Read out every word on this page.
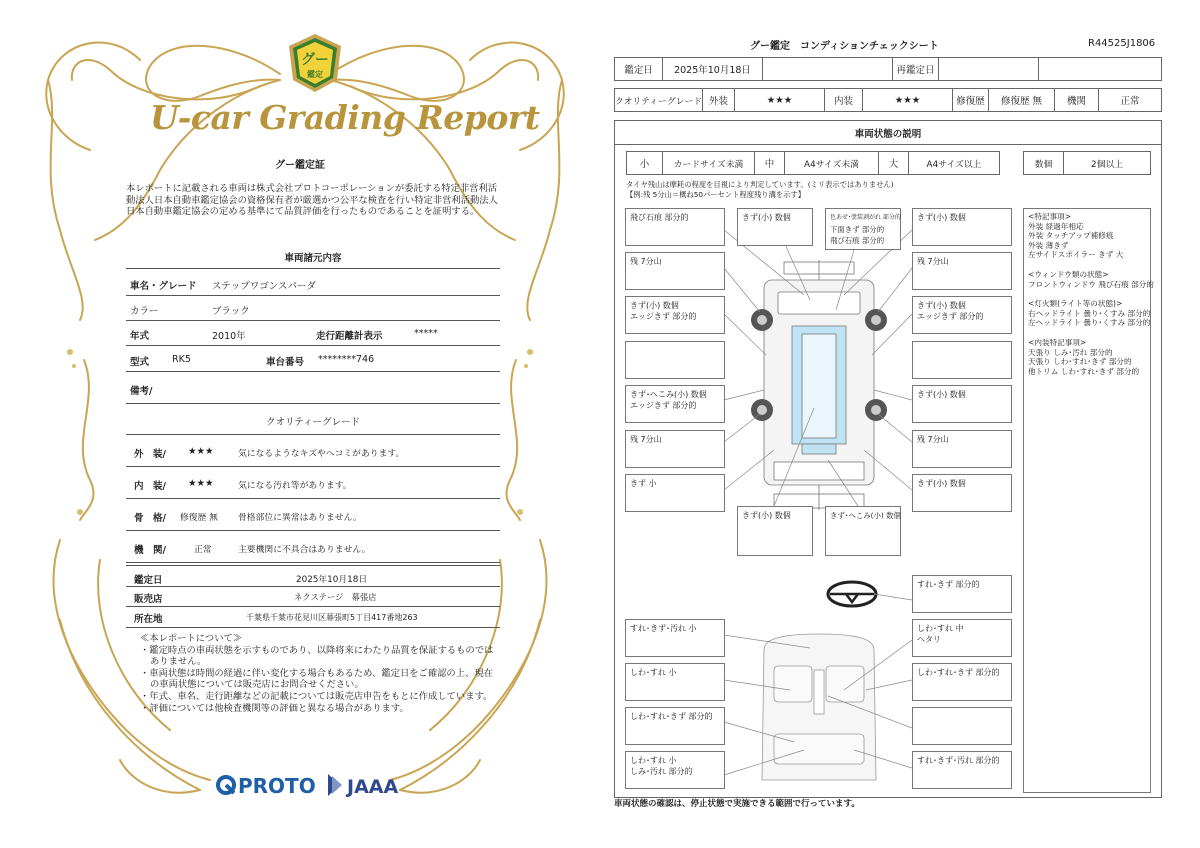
グー
鑑定
U-car Grading Report
グー鑑定証
本レポートに記載される車両は株式会社プロトコーポレーションが委託する特定非営利活動法人日本自動車鑑定協会の資格保有者が厳選かつ公平な検査を行い特定非営利活動法人日本自動車鑑定協会の定める基準にて品質評価を行ったものであることを証明する。
車両諸元内容
車名・グレード ステップワゴンスパーダ
カラー	ブラック
年式	2010年	走行距離計表示	*****
型式 RK5	車台番号 ********746
備考/
クオリティーグレード
外　装/ ★★★	気になるようなキズやヘコミがあります。
内　装/ ★★★	気になる汚れ等があります。
骨　格/ 修復歴 無 骨格部位に異常はありません。
機　関/	正常	主要機関に不具合はありません。
鑑定日	2025年10月18日
販売店	ネクステージ　幕張店
所在地	千葉県千葉市花見川区幕張町5丁目417番地263
≪本レポートについて≫
・鑑定時点の車両状態を示すものであり、以降将来にわたり品質を保証するものではありません。
・車両状態は時間の経過に伴い変化する場合もあるため、鑑定日をご確認の上、現在の車両状態については販売店にお問合せください。
・年式、車名、走行距離などの記載については販売店申告をもとに作成しています。
・評価については他検査機関等の評価と異なる場合があります。
PROTO JAAA
グー鑑定　コンディションチェックシート	R44525J1806
鑑定日	2025年10月18日	再鑑定日
クオリティーグレード 外装	★★★	内装	★★★	修復歴	修復歴 無	機関	正常
車両状態の説明
小	カードサイズ未満	中	A4サイズ未満	大	A4サイズ以上	数個	2個以上
タイヤ残山は摩耗の程度を目視により判定しています。(ミリ表示ではありません)
【例:残 5分山＝概ね50パーセント程度残り溝を示す】
飛び石痕 部分的
残 7分山
きず(小) 数個
エッジきず 部分的
きず･へこみ(小) 数個
エッジきず 部分的
残 7分山
きず 小
きず(小) 数個	色あせ･塗装剥がれ 部分的
下面きず 部分的
飛び石痕 部分的
きず(小) 数個
残 7分山
きず(小) 数個
エッジきず 部分的
きず(小) 数個
残 7分山
きず(小) 数個
きず(小) 数個	きず･へこみ(小) 数個
すれ･きず 部分的
しわ･すれ 中
ヘタリ
しわ･すれ･きず 部分的
すれ･きず･汚れ 部分的
すれ･きず･汚れ 小
しわ･すれ 小
しわ･すれ･きず 部分的
しわ･すれ 小
しみ･汚れ 部分的
<特記事項>
外装 経過年相応
外装 タッチアップ補修痕
外装 薄きず
左サイドスポイラー きず 大
<ウィンドウ類の状態>
フロントウィンドウ 飛び石痕 部分的
<灯火類(ライト等の状態)>
右ヘッドライト 曇り･くすみ 部分的
左ヘッドライト 曇り･くすみ 部分的
<内装特記事項>
天張り しみ･汚れ 部分的
天張り しわ･すれ･きず 部分的
他トリム しわ･すれ･きず 部分的
車両状態の確認は、停止状態で実施できる範囲で行っています。
